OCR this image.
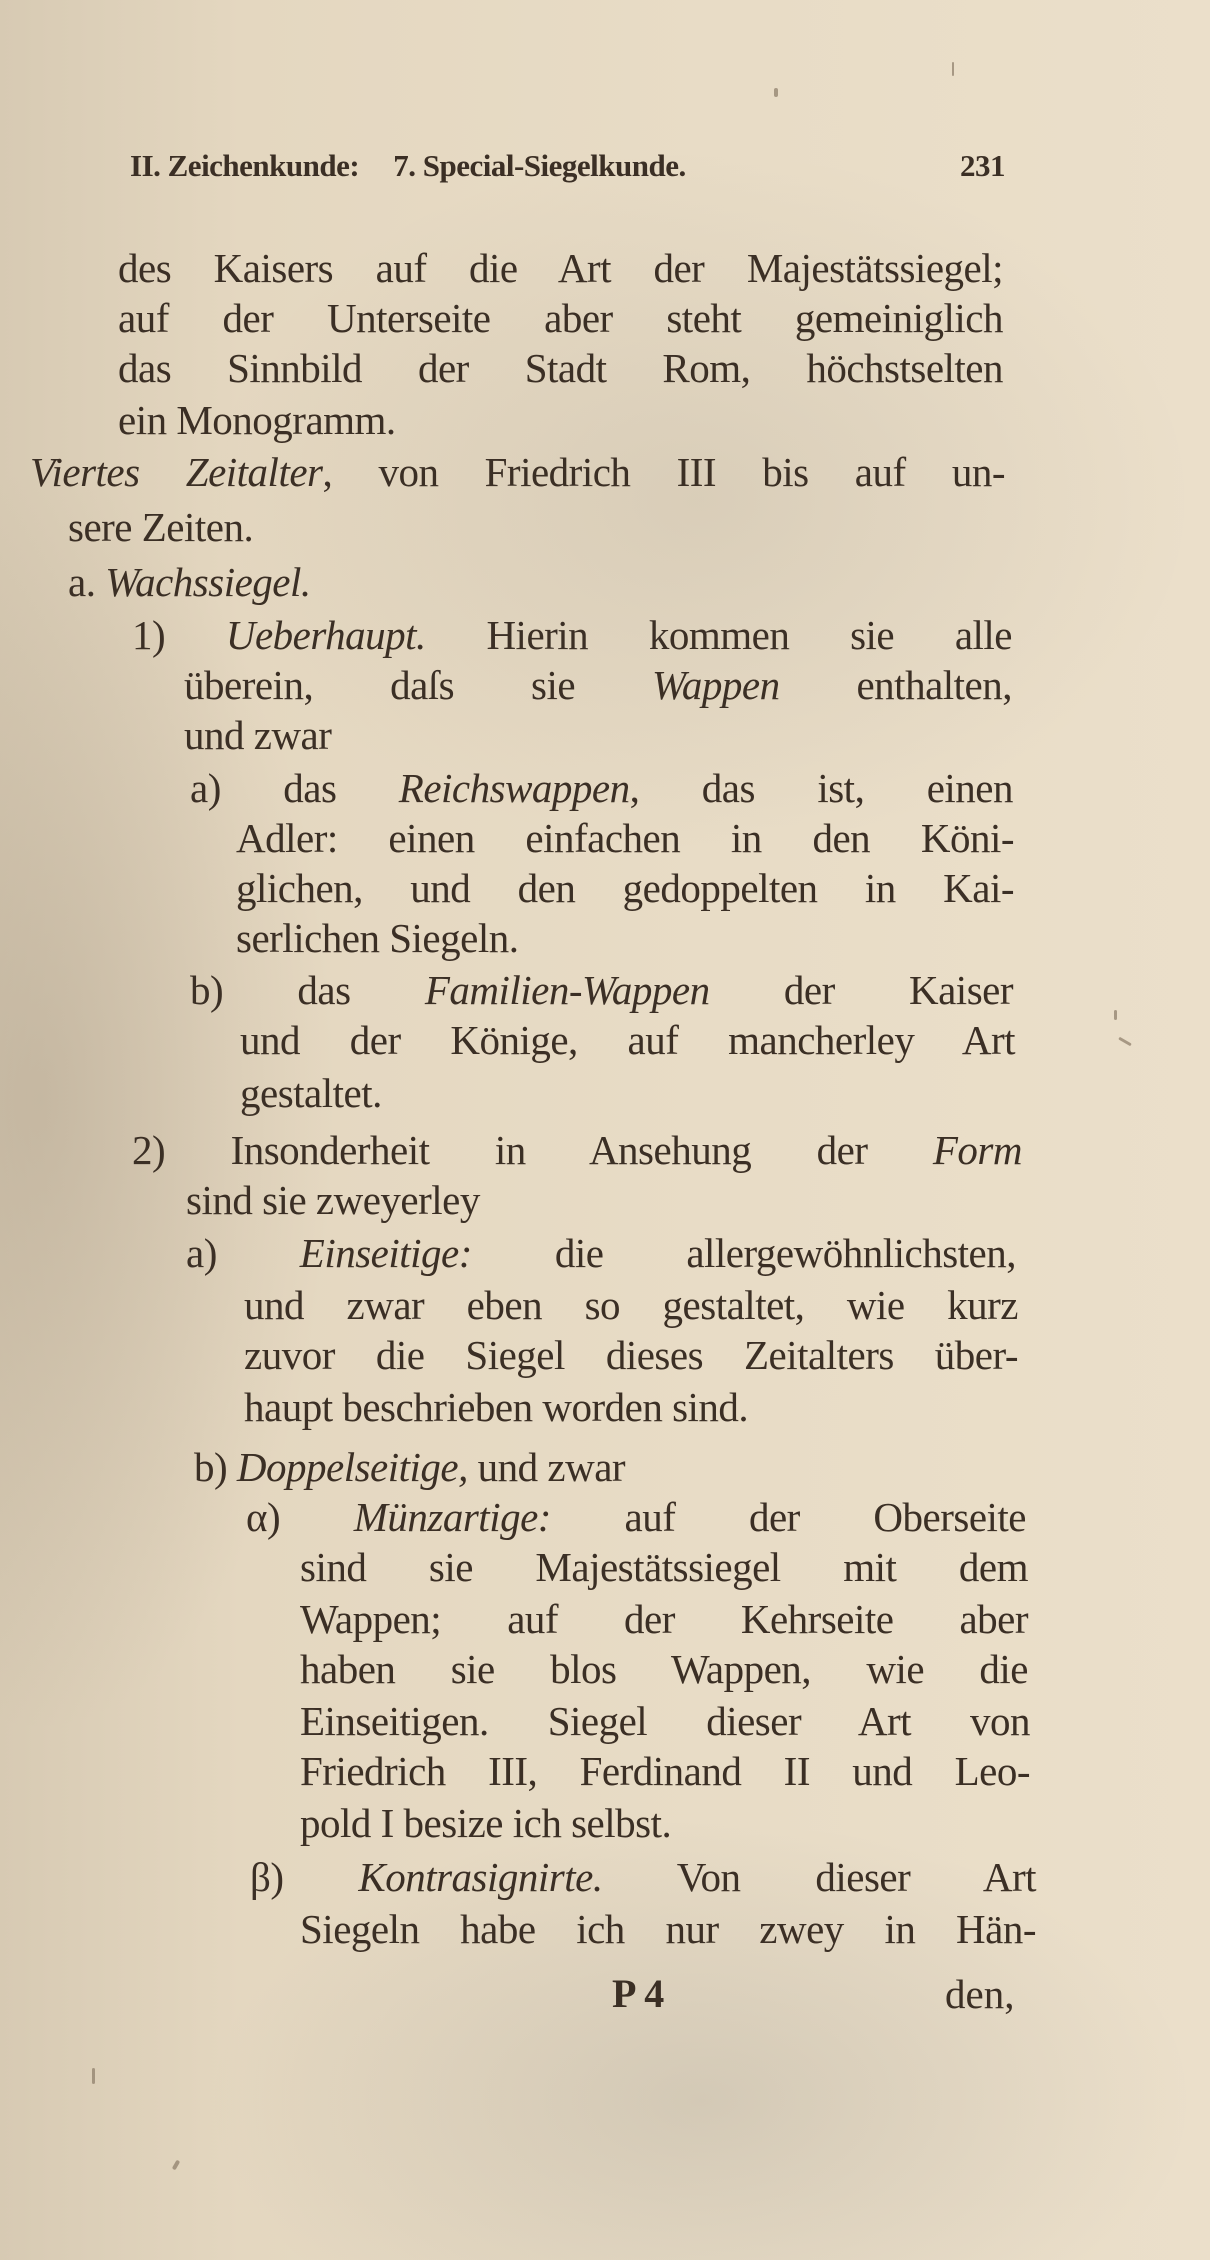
II. Zeichenkunde: 7. Special-Siegelkunde.	231
des Kaisers auf die Art der Majestätssiegel;
auf der Unterseite aber steht gemeiniglich
das Sinnbild der Stadt Rom, höchstselten
ein Monogramm.
Viertes Zeitalter, von Friedrich III bis auf un-
sere Zeiten.
a. Wachssiegel.
1) Ueberhaupt. Hierin kommen sie alle
überein, daſs sie Wappen enthalten,
und zwar
a) das Reichswappen, das ist, einen
Adler: einen einfachen in den Köni-
glichen, und den gedoppelten in Kai-
serlichen Siegeln.
b) das Familien-Wappen der Kaiser
und der Könige, auf mancherley Art
gestaltet.
2) Insonderheit in Ansehung der Form
sind sie zweyerley
a) Einseitige: die allergewöhnlichsten,
und zwar eben so gestaltet, wie kurz
zuvor die Siegel dieses Zeitalters über-
haupt beschrieben worden sind.
b) Doppelseitige, und zwar
α) Münzartige: auf der Oberseite
sind sie Majestätssiegel mit dem
Wappen; auf der Kehrseite aber
haben sie blos Wappen, wie die
Einseitigen. Siegel dieser Art von
Friedrich III, Ferdinand II und Leo-
pold I besize ich selbst.
β) Kontrasignirte. Von dieser Art
Siegeln habe ich nur zwey in Hän-
P 4	den,
